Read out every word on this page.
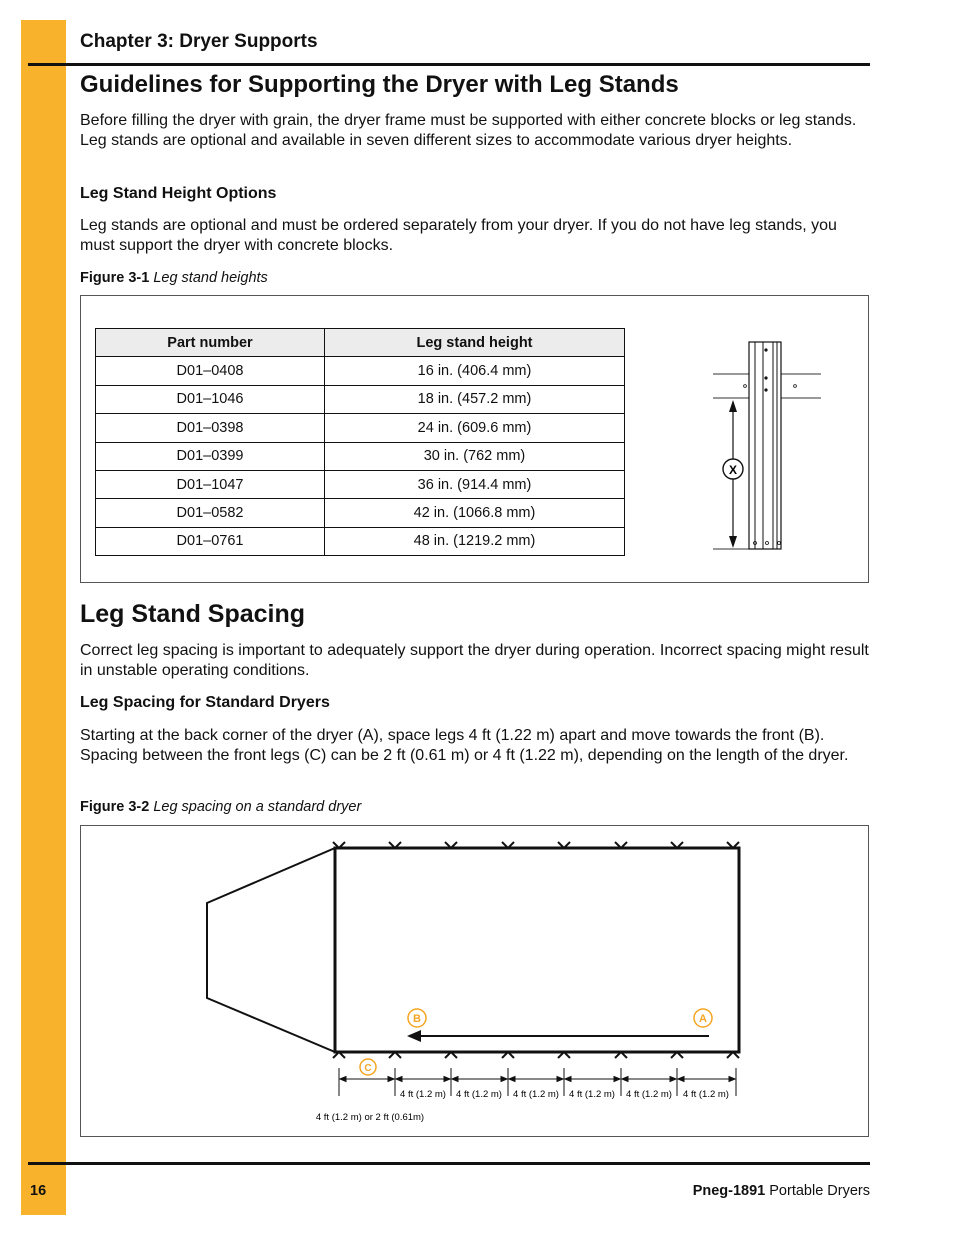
Chapter 3: Dryer Supports
Guidelines for Supporting the Dryer with Leg Stands

Before filling the dryer with grain, the dryer frame must be supported with either concrete blocks or leg stands. Leg stands are optional and available in seven different sizes to accommodate various dryer heights.

Leg Stand Height Options

Leg stands are optional and must be ordered separately from your dryer. If you do not have leg stands, you must support the dryer with concrete blocks.

Figure 3-1 Leg stand heights

Part number	Leg stand height
D01–0408	16 in. (406.4 mm)
D01–1046	18 in. (457.2 mm)
D01–0398	24 in. (609.6 mm)
D01–0399	30 in. (762 mm)
D01–1047	36 in. (914.4 mm)
D01–0582	42 in. (1066.8 mm)
D01–0761	48 in. (1219.2 mm)
X
Leg Stand Spacing

Correct leg spacing is important to adequately support the dryer during operation. Incorrect spacing might result in unstable operating conditions.

Leg Spacing for Standard Dryers

Starting at the back corner of the dryer (A), space legs 4 ft (1.22 m) apart and move towards the front (B). Spacing between the front legs (C) can be 2 ft (0.61 m) or 4 ft (1.22 m), depending on the length of the dryer.

Figure 3-2 Leg spacing on a standard dryer

B	A
C
4 ft (1.2 m) 4 ft (1.2 m) 4 ft (1.2 m) 4 ft (1.2 m) 4 ft (1.2 m) 4 ft (1.2 m)
4 ft (1.2 m) or 2 ft (0.61m)

16	Pneg-1891 Portable Dryers
